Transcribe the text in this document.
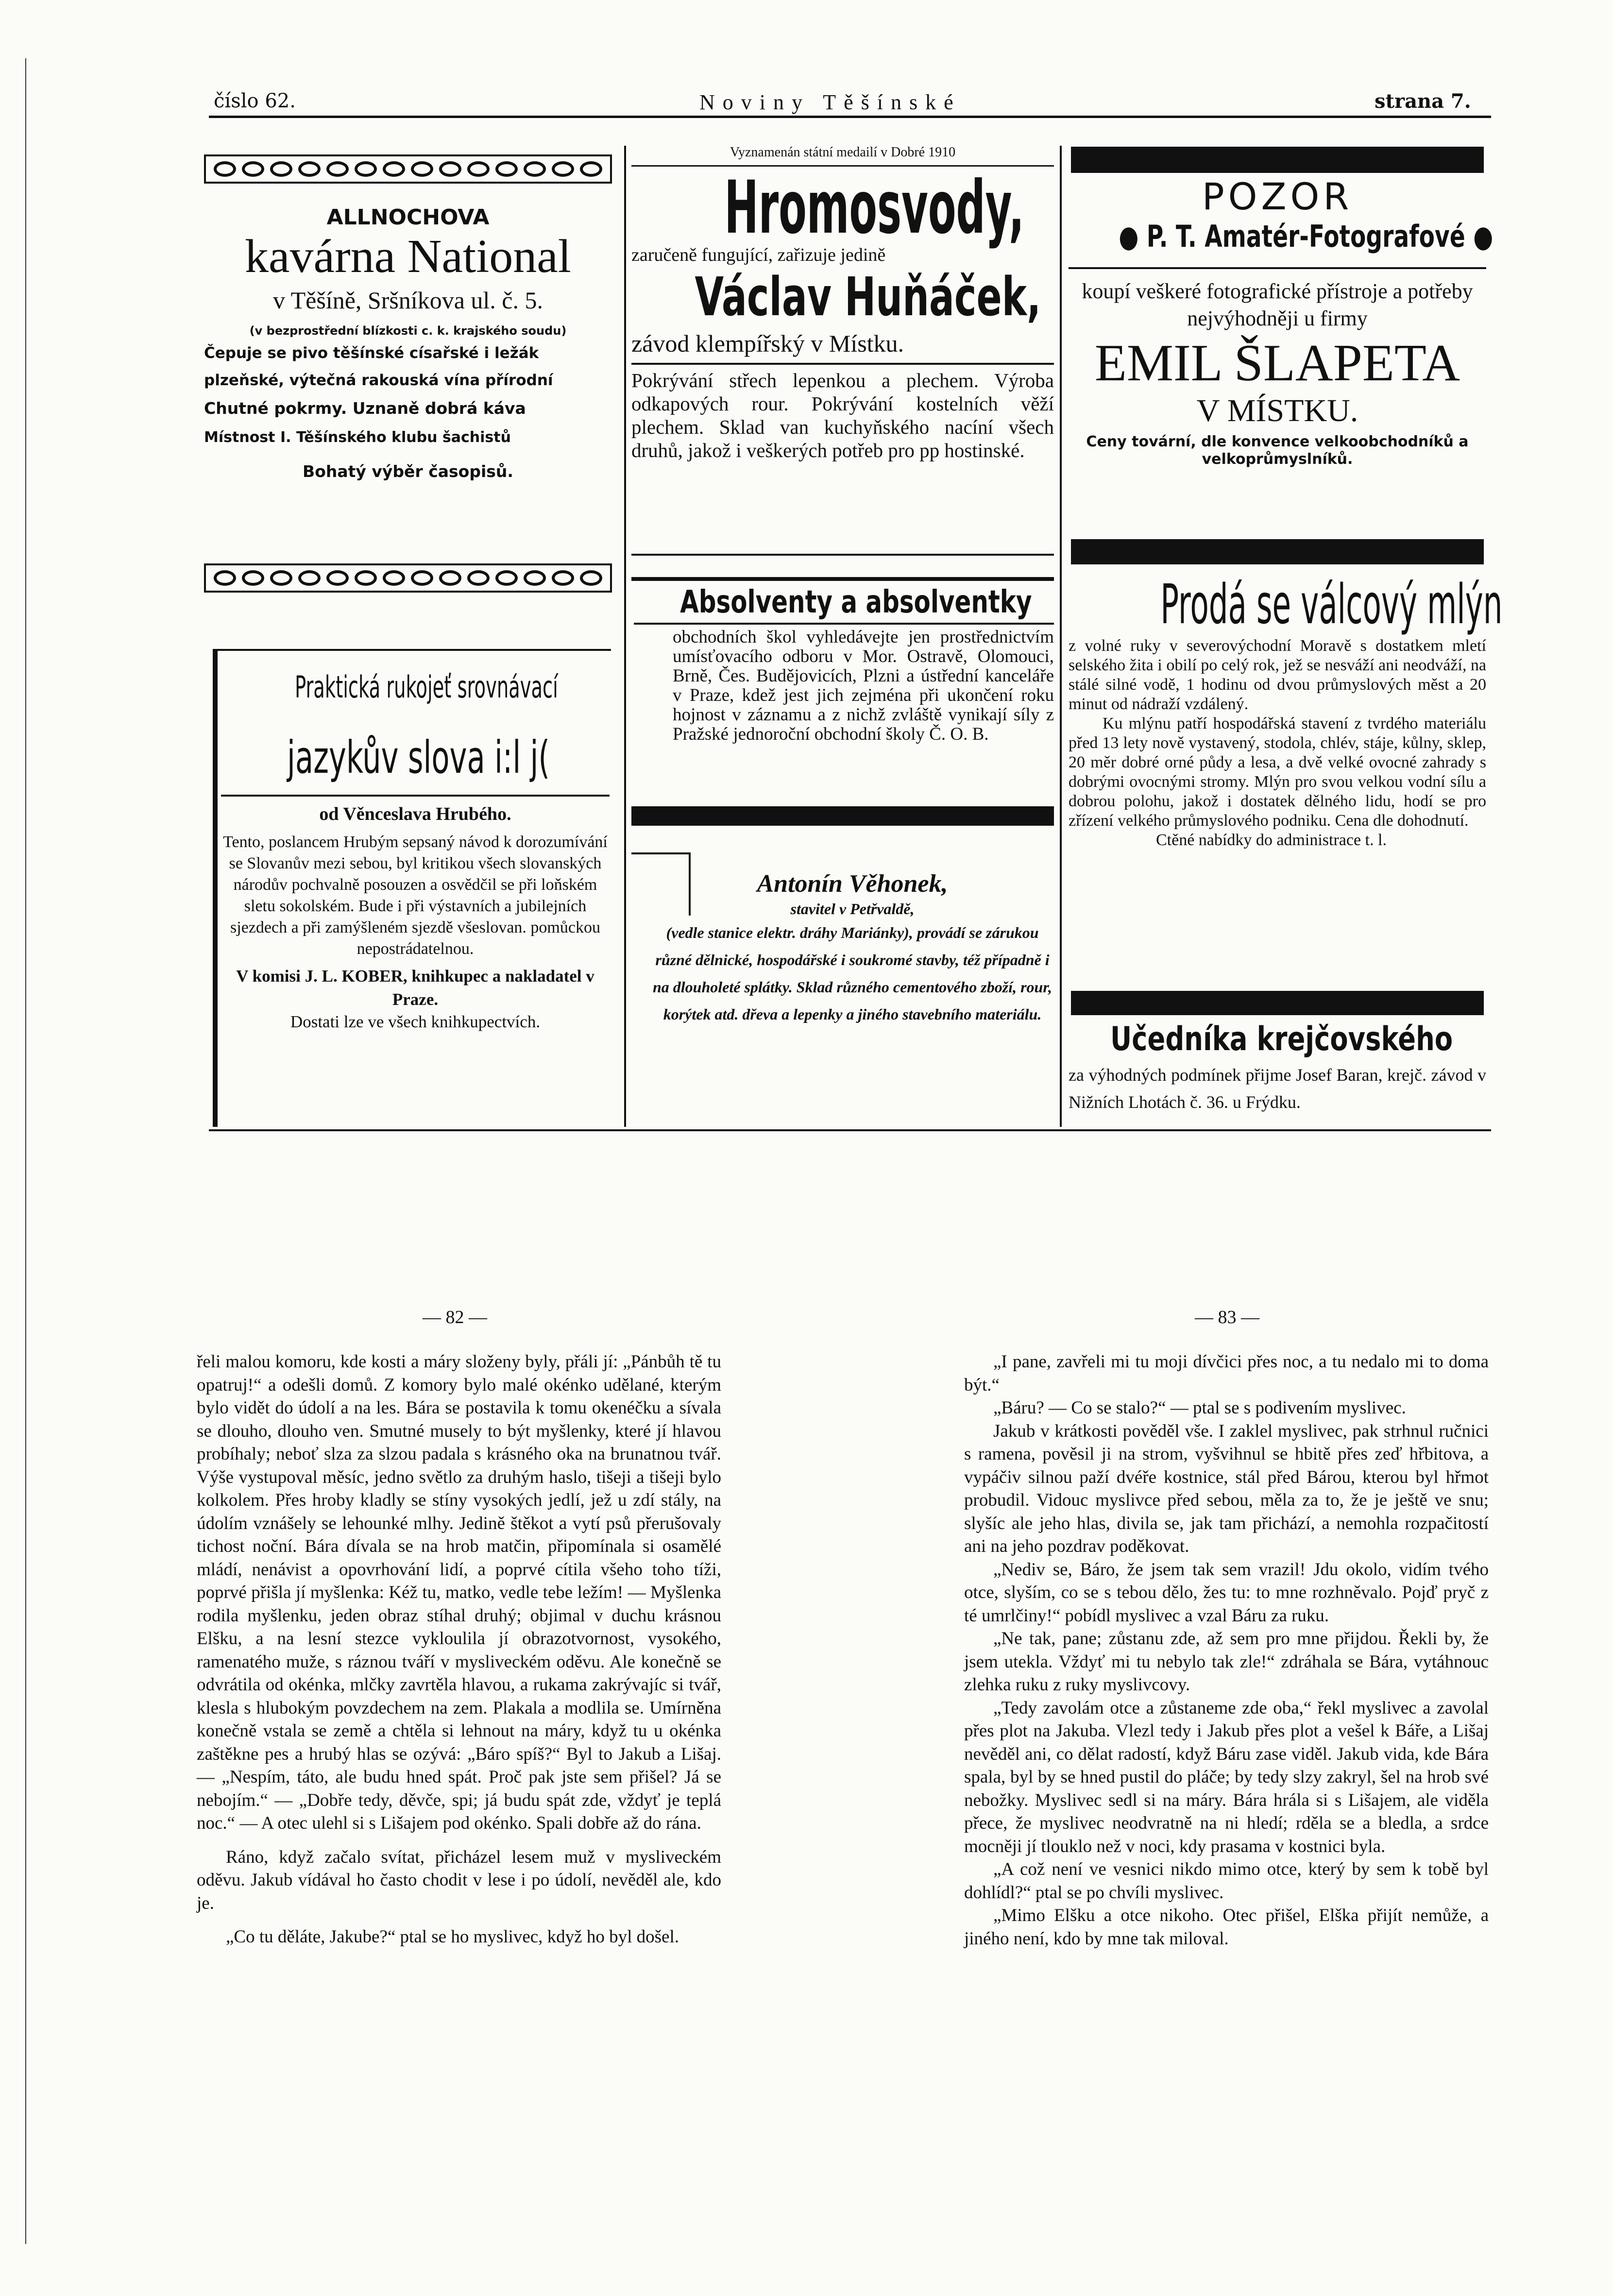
číslo 62.	Noviny Těšínské	strana 7.

ALLNOCHOVA

kavárna National

v Těšíně, Sršníkova ul. č. 5.

(v bezprostřední blízkosti c. k. krajského soudu)

Čepuje se pivo těšínské císařské i ležák

plzeňské, výtečná rakouská vína přírodní

Chutné pokrmy. Uznaně dobrá káva

Místnost I. Těšínského klubu šachistů

Bohatý výběr časopisů.

Praktická rukojeť srovnávací

jazykův slova i:l j(

od Věnceslava Hrubého.

Tento, poslancem Hrubým sepsaný návod k dorozumívání se Slovanův mezi sebou, byl kritikou všech slovanských národův pochvalně posouzen a osvědčil se při loňském sletu sokolském. Bude i při výstavních a jubilejních sjezdech a při zamýšleném sjezdě všeslovan. pomůckou nepostrádatelnou.

V komisi J. L. KOBER, knihkupec a nakladatel v Praze.

Dostati lze ve všech knihkupectvích.

Vyznamenán státní medailí v Dobré 1910

Hromosvody,

zaručeně fungující, zařizuje jedině

Václav Huňáček,

závod klempířský v Místku.

Pokrývání střech lepenkou a plechem. Výroba odkapových rour. Pokrývání kostelních věží plechem. Sklad van kuchyňského nacíní všech druhů, jakož i veškerých potřeb pro pp hostinské.

Absolventy a absolventky

obchodních škol vyhledávejte jen prostřednictvím umísťovacího odboru v Mor. Ostravě, Olomouci, Brně, Čes. Budějovicích, Plzni a ústřední kanceláře v Praze, kdež jest jich zejména při ukončení roku hojnost v záznamu a z nichž zvláště vynikají síly z Pražské jednoroční obchodní školy Č. O. B.

Antonín Věhonek,

stavitel v Petřvaldě,

(vedle stanice elektr. dráhy Mariánky), provádí se zárukou různé dělnické, hospodářské i soukromé stavby, též případně i na dlouholeté splátky. Sklad různého cementového zboží, rour, korýtek atd. dřeva a lepenky a jiného stavebního materiálu.

POZOR

● P. T. Amatér-Fotografové ●

koupí veškeré fotografické přístroje a potřeby nejvýhodněji u firmy

EMIL ŠLAPETA

V MÍSTKU.

Ceny tovární, dle konvence velkoobchodníků a velkoprůmyslníků.

Prodá se válcový mlýn

z volné ruky v severovýchodní Moravě s dostatkem mletí selského žita i obilí po celý rok, jež se nesváží ani neodváží, na stálé silné vodě, 1 hodinu od dvou průmyslových měst a 20 minut od nádraží vzdálený.

Ku mlýnu patří hospodářská stavení z tvrdého materiálu před 13 lety nově vystavený, stodola, chlév, stáje, kůlny, sklep, 20 měr dobré orné půdy a lesa, a dvě velké ovocné zahrady s dobrými ovocnými stromy. Mlýn pro svou velkou vodní sílu a dobrou polohu, jakož i dostatek dělného lidu, hodí se pro zřízení velkého průmyslového podniku. Cena dle dohodnutí.

Ctěné nabídky do administrace t. l.

Učedníka krejčovského

za výhodných podmínek přijme Josef Baran, krejč. závod v Nižních Lhotách č. 36. u Frýdku.

— 82 —	— 83 —

řeli malou komoru, kde kosti a máry složeny byly, přáli jí: „Pánbůh tě tu opatruj!“ a odešli domů. Z komory bylo malé okénko udělané, kterým bylo vidět do údolí a na les. Bára se postavila k tomu okenéčku a sívala se dlouho, dlouho ven. Smutné musely to být myšlenky, které jí hlavou probíhaly; neboť slza za slzou padala s krásného oka na brunatnou tvář. Výše vystupoval měsíc, jedno světlo za druhým haslo, tišeji a tišeji bylo kolkolem. Přes hroby kladly se stíny vysokých jedlí, jež u zdí stály, na údolím vznášely se lehounké mlhy. Jedině štěkot a vytí psů přerušovaly tichost noční. Bára dívala se na hrob matčin, připomínala si osamělé mládí, nenávist a opovrhování lidí, a poprvé cítila všeho toho tíži, poprvé přišla jí myšlenka: Kéž tu, matko, vedle tebe ležím! — Myšlenka rodila myšlenku, jeden obraz stíhal druhý; objimal v duchu krásnou Elšku, a na lesní stezce vykloulila jí obrazotvornost, vysokého, ramenatého muže, s ráznou tváří v mysliveckém oděvu. Ale konečně se odvrátila od okénka, mlčky zavrtěla hlavou, a rukama zakrývajíc si tvář, klesla s hlubokým povzdechem na zem. Plakala a modlila se. Umírněna konečně vstala se země a chtěla si lehnout na máry, když tu u okénka zaštěkne pes a hrubý hlas se ozývá: „Báro spíš?“ Byl to Jakub a Lišaj. — „Nespím, táto, ale budu hned spát. Proč pak jste sem přišel? Já se nebojím.“ — „Dobře tedy, děvče, spi; já budu spát zde, vždyť je teplá noc.“ — A otec ulehl si s Lišajem pod okénko. Spali dobře až do rána.

Ráno, když začalo svítat, přicházel lesem muž v mysliveckém oděvu. Jakub vídával ho často chodit v lese i po údolí, nevěděl ale, kdo je.

„Co tu děláte, Jakube?“ ptal se ho myslivec, když ho byl došel.

„I pane, zavřeli mi tu moji dívčici přes noc, a tu nedalo mi to doma být.“

„Báru? — Co se stalo?“ — ptal se s podivením myslivec.

Jakub v krátkosti pověděl vše. I zaklel myslivec, pak strhnul ručnici s ramena, pověsil ji na strom, vyšvihnul se hbitě přes zeď hřbitova, a vypáčiv silnou paží dvéře kostnice, stál před Bárou, kterou byl hřmot probudil. Vidouc myslivce před sebou, měla za to, že je ještě ve snu; slyšíc ale jeho hlas, divila se, jak tam přichází, a nemohla rozpačitostí ani na jeho pozdrav poděkovat.

„Nediv se, Báro, že jsem tak sem vrazil! Jdu okolo, vidím tvého otce, slyším, co se s tebou dělo, žes tu: to mne rozhněvalo. Pojď pryč z té umrlčiny!“ pobídl myslivec a vzal Báru za ruku.

„Ne tak, pane; zůstanu zde, až sem pro mne přijdou. Řekli by, že jsem utekla. Vždyť mi tu nebylo tak zle!“ zdráhala se Bára, vytáhnouc zlehka ruku z ruky myslivcovy.

„Tedy zavolám otce a zůstaneme zde oba,“ řekl myslivec a zavolal přes plot na Jakuba. Vlezl tedy i Jakub přes plot a vešel k Báře, a Lišaj nevěděl ani, co dělat radostí, když Báru zase viděl. Jakub vida, kde Bára spala, byl by se hned pustil do pláče; by tedy slzy zakryl, šel na hrob své nebožky. Myslivec sedl si na máry. Bára hrála si s Lišajem, ale viděla přece, že myslivec neodvratně na ni hledí; rděla se a bledla, a srdce mocněji jí tlouklo než v noci, kdy prasama v kostnici byla.

„A což není ve vesnici nikdo mimo otce, který by sem k tobě byl dohlídl?“ ptal se po chvíli myslivec.

„Mimo Elšku a otce nikoho. Otec přišel, Elška přijít nemůže, a jiného není, kdo by mne tak miloval.
